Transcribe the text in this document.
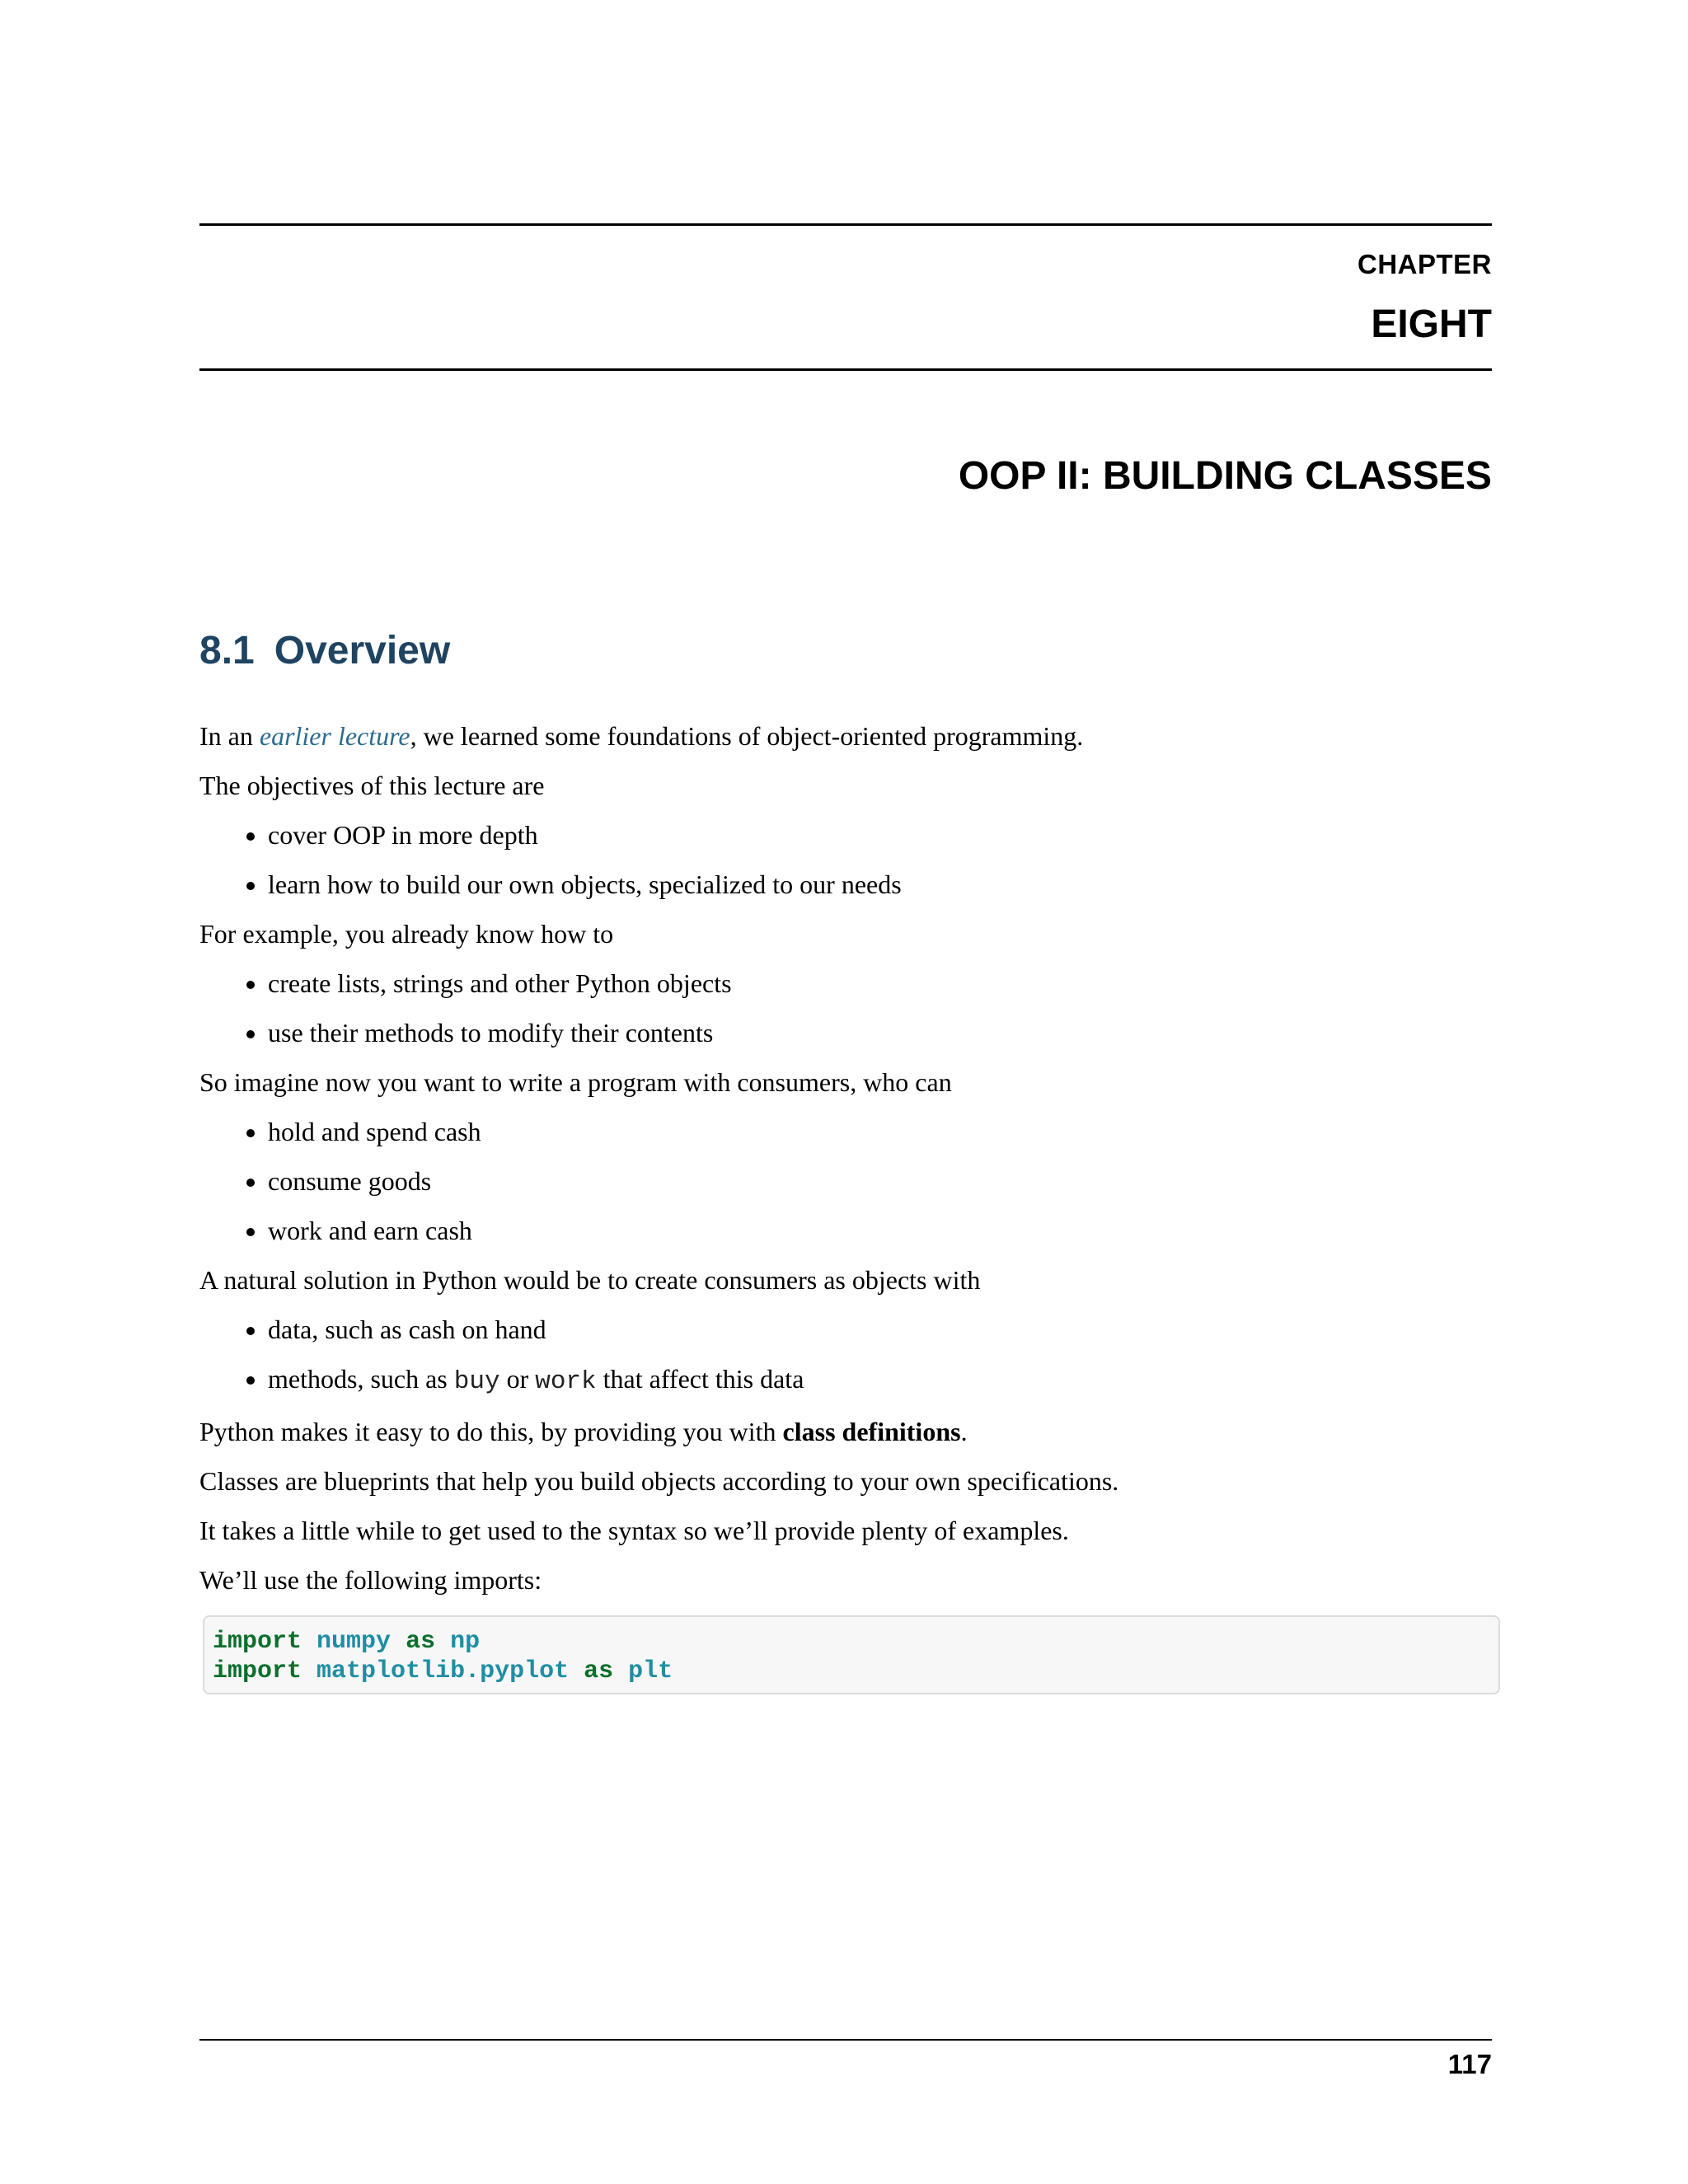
CHAPTER
EIGHT
OOP II: BUILDING CLASSES
8.1 Overview

In an earlier lecture, we learned some foundations of object-oriented programming.

The objectives of this lecture are

• cover OOP in more depth
• learn how to build our own objects, specialized to our needs

For example, you already know how to

• create lists, strings and other Python objects
• use their methods to modify their contents

So imagine now you want to write a program with consumers, who can

• hold and spend cash
• consume goods
• work and earn cash

A natural solution in Python would be to create consumers as objects with

• data, such as cash on hand
• methods, such as buy or work that affect this data

Python makes it easy to do this, by providing you with class definitions.

Classes are blueprints that help you build objects according to your own specifications.

It takes a little while to get used to the syntax so we’ll provide plenty of examples.

We’ll use the following imports:

import numpy as np
import matplotlib.pyplot as plt
117
